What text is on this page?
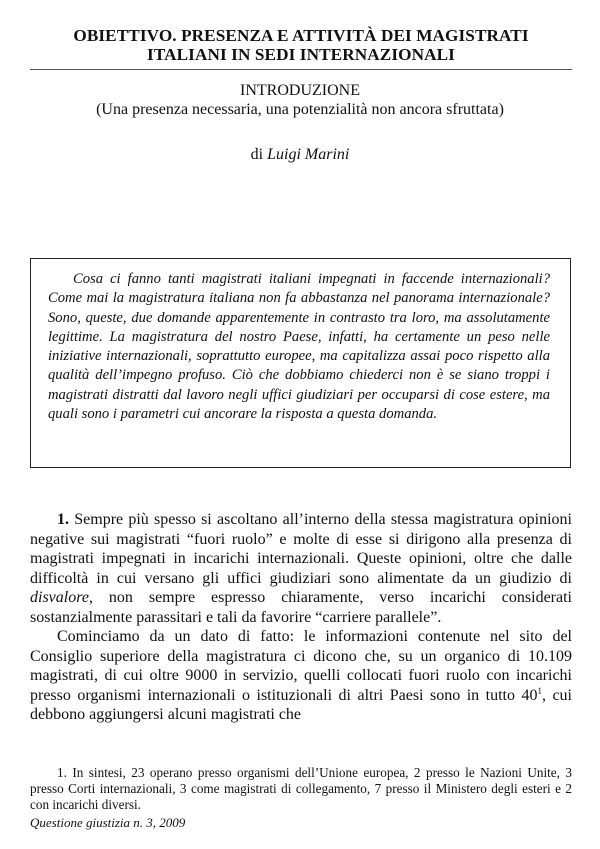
OBIETTIVO. PRESENZA E ATTIVITÀ DEI MAGISTRATI
ITALIANI IN SEDI INTERNAZIONALI
INTRODUZIONE
(Una presenza necessaria, una potenzialità non ancora sfruttata)
di Luigi Marini
Cosa ci fanno tanti magistrati italiani impegnati in faccende internazionali? Come mai la magistratura italiana non fa abbastanza nel panorama internazionale? Sono, queste, due domande apparentemente in contrasto tra loro, ma assolutamente legittime. La magistratura del nostro Paese, infatti, ha certamente un peso nelle iniziative internazionali, soprattutto europee, ma capitalizza assai poco rispetto alla qualità dell’impegno profuso. Ciò che dobbiamo chiederci non è se siano troppi i magistrati distratti dal lavoro negli uffici giudiziari per occuparsi di cose estere, ma quali sono i parametri cui ancorare la risposta a questa domanda.

1. Sempre più spesso si ascoltano all’interno della stessa magistratura opinioni negative sui magistrati “fuori ruolo” e molte di esse si dirigono alla presenza di magistrati impegnati in incarichi internazionali. Queste opinioni, oltre che dalle difficoltà in cui versano gli uffici giudiziari sono alimentate da un giudizio di disvalore, non sempre espresso chiaramente, verso incarichi considerati sostanzialmente parassitari e tali da favorire “carriere parallele”.

Cominciamo da un dato di fatto: le informazioni contenute nel sito del Consiglio superiore della magistratura ci dicono che, su un organico di 10.109 magistrati, di cui oltre 9000 in servizio, quelli collocati fuori ruolo con incarichi presso organismi internazionali o istituzionali di altri Paesi sono in tutto $40^1$, cui debbono aggiungersi alcuni magistrati che

1. In sintesi, 23 operano presso organismi dell’Unione europea, 2 presso le Nazioni Unite, 3 presso Corti internazionali, 3 come magistrati di collegamento, 7 presso il Ministero degli esteri e 2 con incarichi diversi.
Questione giustizia n. 3, 2009
